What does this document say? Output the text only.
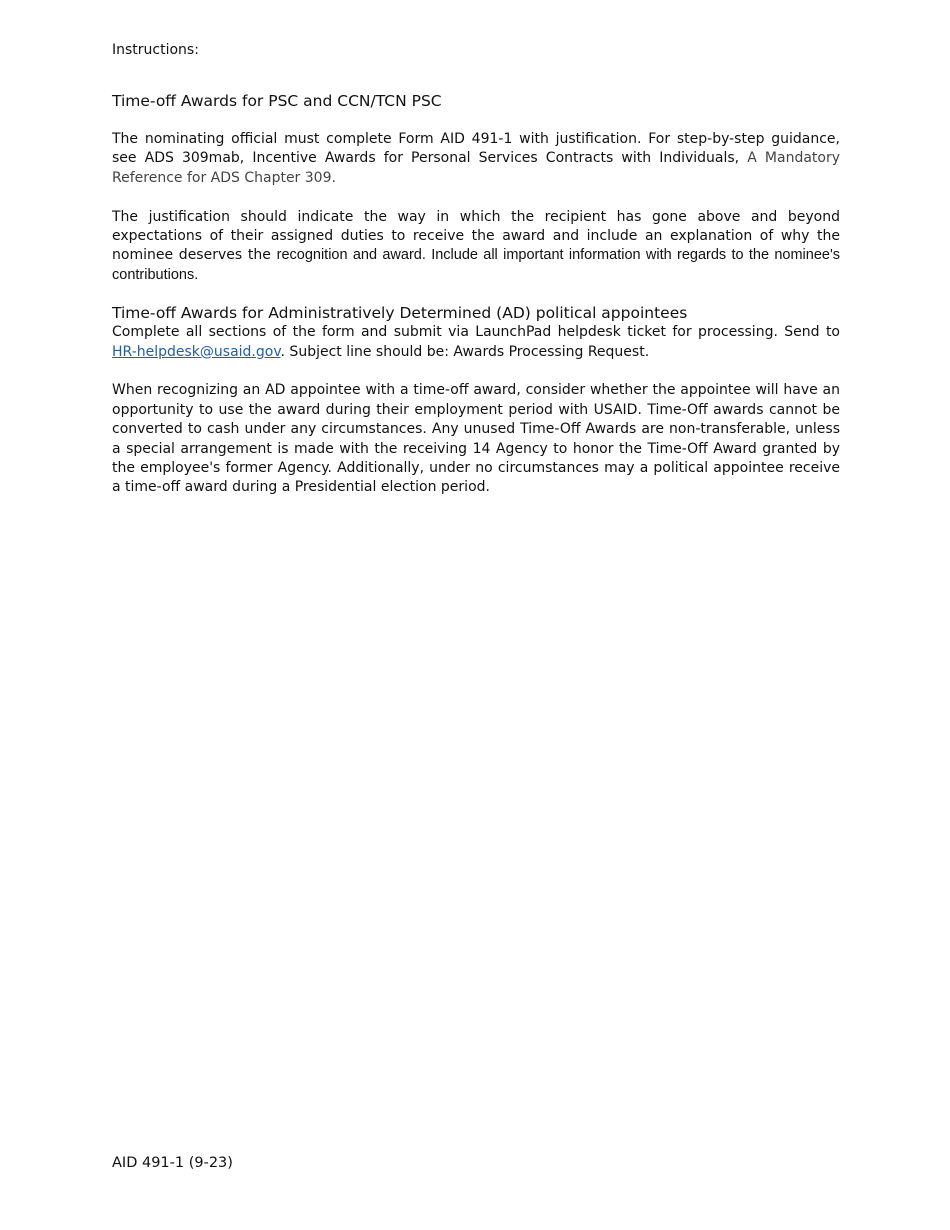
Instructions:

Time-off Awards for PSC and CCN/TCN PSC

The nominating official must complete Form AID 491-1 with justification. For step-by-step guidance, see ADS 309mab, Incentive Awards for Personal Services Contracts with Individuals, A Mandatory Reference for ADS Chapter 309.

The justification should indicate the way in which the recipient has gone above and beyond expectations of their assigned duties to receive the award and include an explanation of why the nominee deserves the recognition and award. Include all important information with regards to the nominee's contributions.

Time-off Awards for Administratively Determined (AD) political appointees

Complete all sections of the form and submit via LaunchPad helpdesk ticket for processing. Send to HR-helpdesk@usaid.gov. Subject line should be: Awards Processing Request.

When recognizing an AD appointee with a time-off award, consider whether the appointee will have an opportunity to use the award during their employment period with USAID. Time-Off awards cannot be converted to cash under any circumstances. Any unused Time-Off Awards are non-transferable, unless a special arrangement is made with the receiving 14 Agency to honor the Time-Off Award granted by the employee's former Agency. Additionally, under no circumstances may a political appointee receive a time-off award during a Presidential election period.

AID 491-1 (9-23)
